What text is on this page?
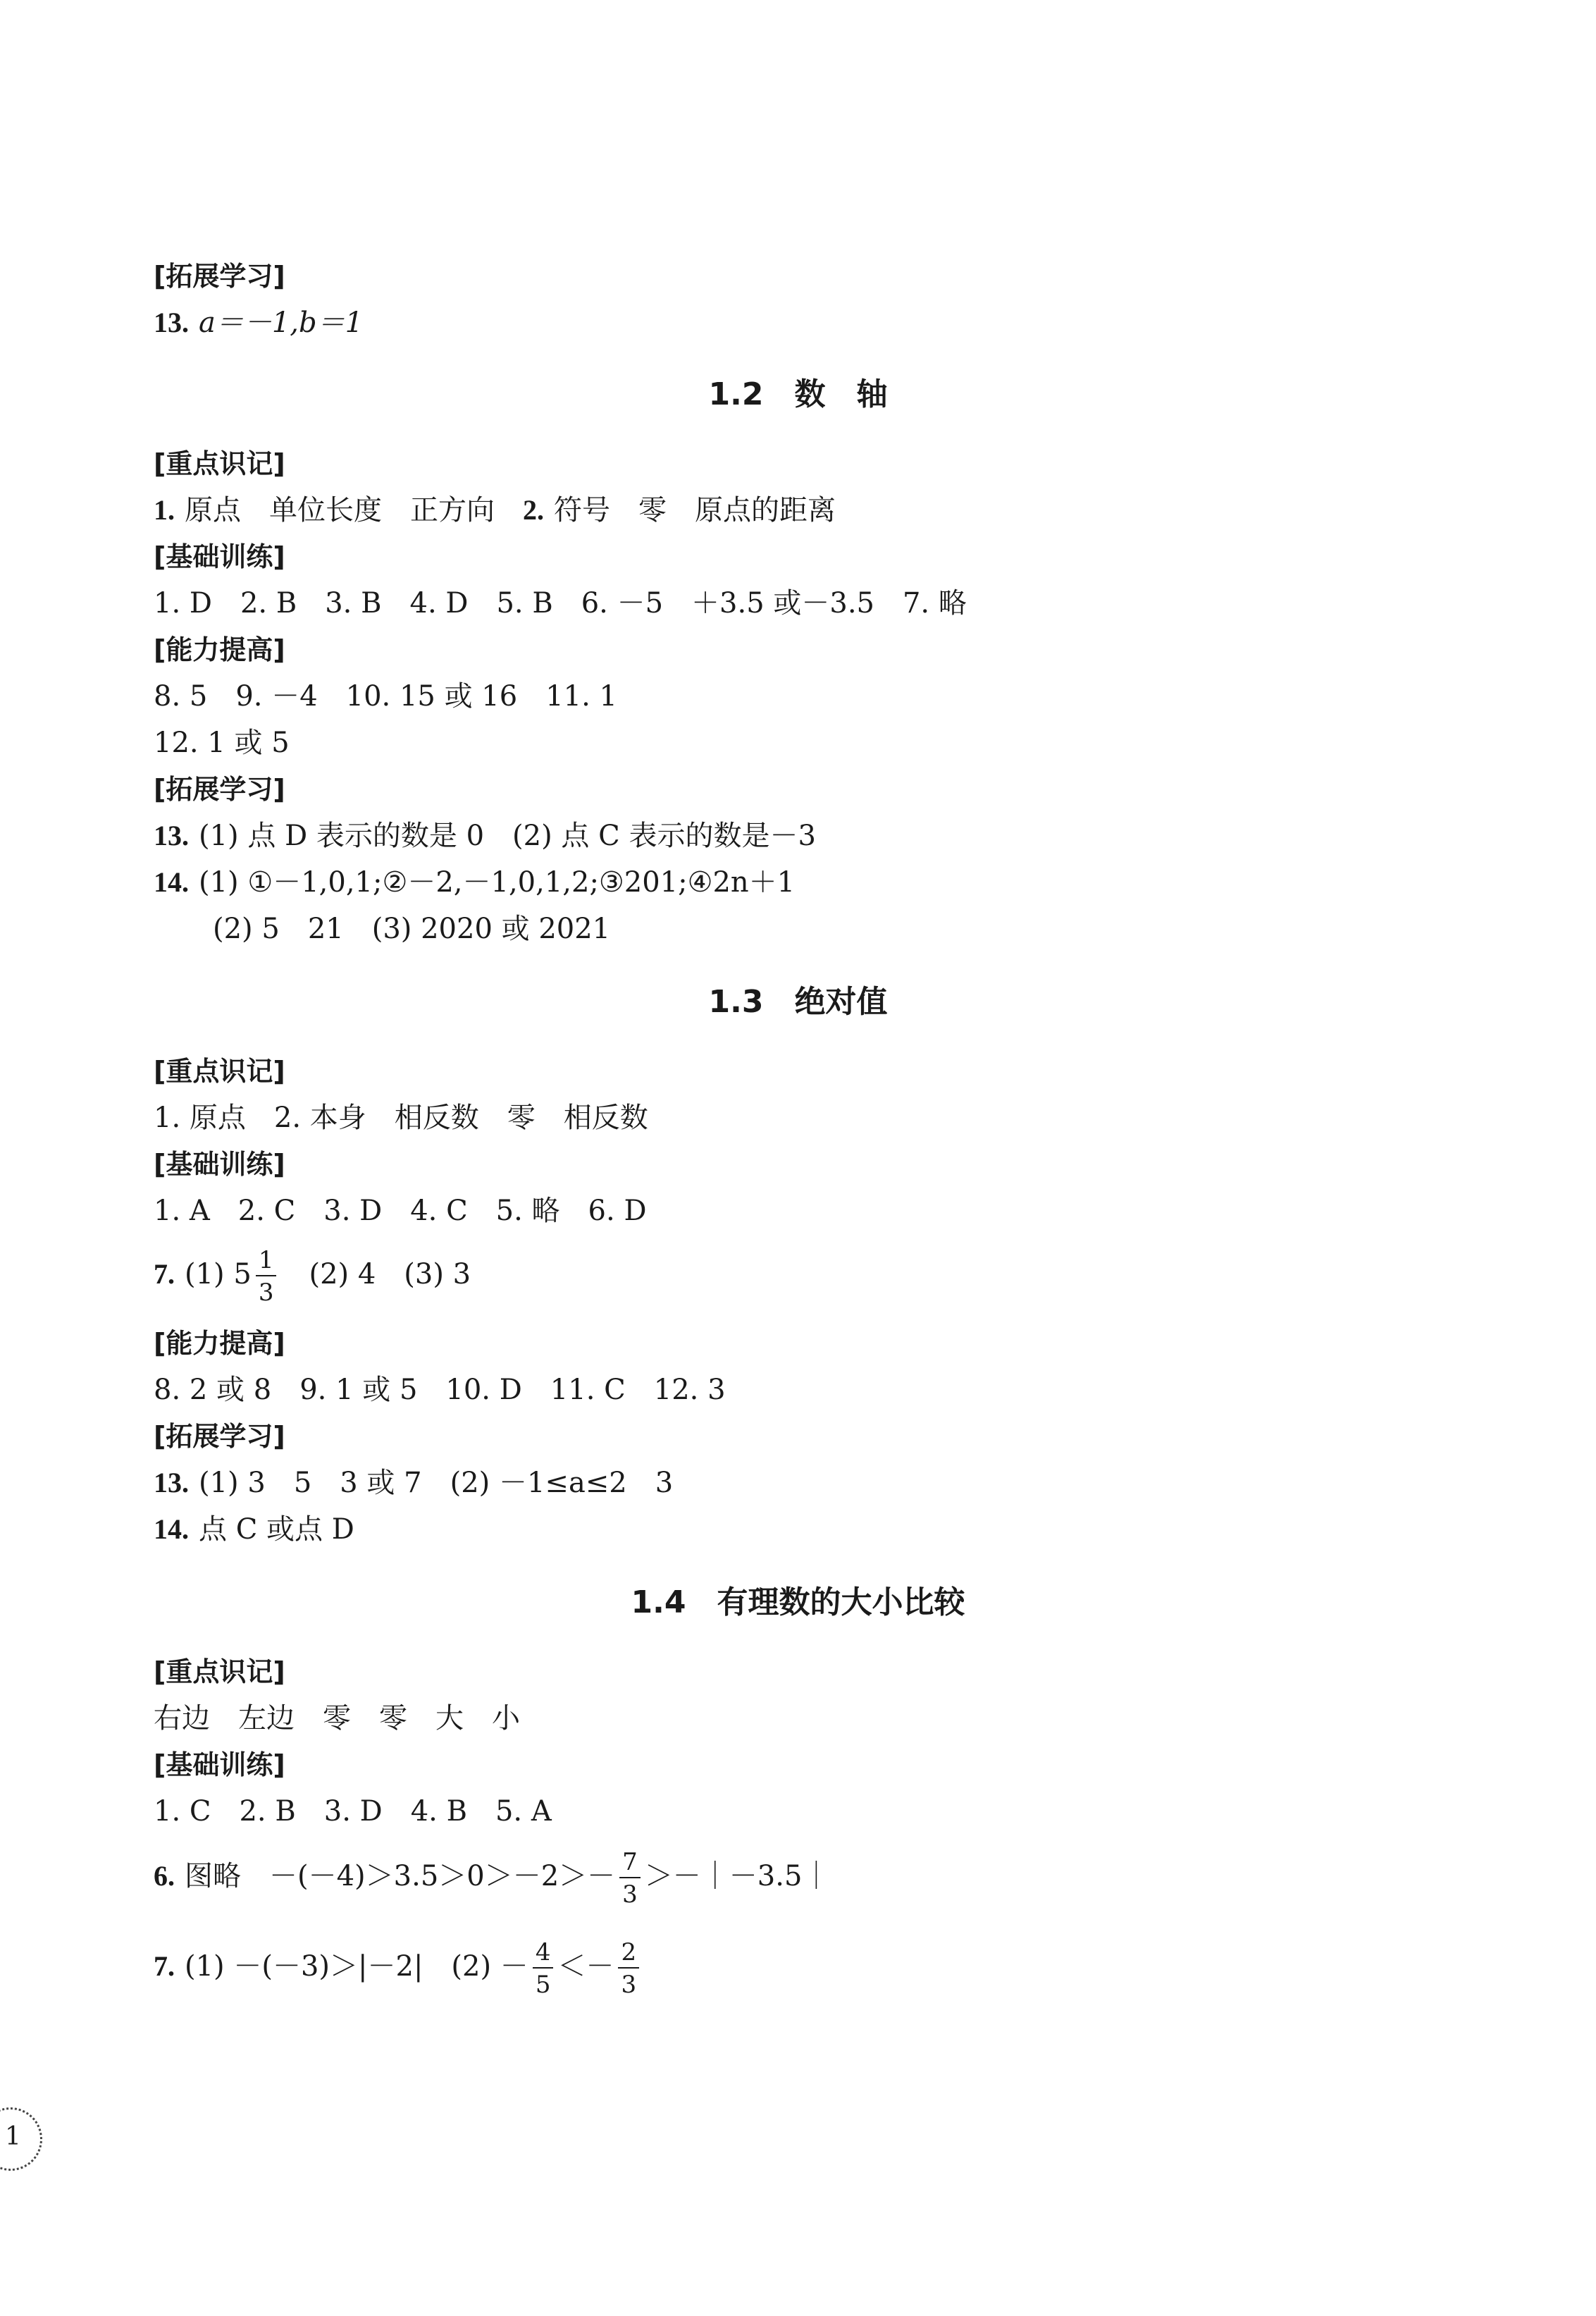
[拓展学习]
13. a＝－1,b＝1
1.2　数　轴
[重点识记]
1. 原点　单位长度　正方向 2. 符号　零　原点的距离
[基础训练]
1. D　2. B　3. B　4. D　5. B　6. －5　＋3.5 或－3.5　7. 略
[能力提高]
8. 5　9. －4　10. 15 或 16　11. 1
12. 1 或 5
[拓展学习]
13. (1) 点 D 表示的数是 0　(2) 点 C 表示的数是－3
14. (1) ①－1,0,1;②－2,－1,0,1,2;③201;④2n＋1
(2) 5　21　(3) 2020 或 2021
1.3　绝对值
[重点识记]
1. 原点　2. 本身　相反数　零　相反数
[基础训练]
1. A　2. C　3. D　4. C　5. 略　6. D
7. (1) $5 \frac{1}{3} (2)$ 4　(3) 3
[能力提高]
8. 2 或 8　9. 1 或 5　10. D　11. C　12. 3
[拓展学习]
13. (1) 3　5　3 或 7　(2) －1≤a≤2　3
14. 点 C 或点 D
1.4　有理数的大小比较
[重点识记]
右边　左边　零　零　大　小
[基础训练]
1. C　2. B　3. D　4. B　5. A
6. 图略　$-(-4)>3.5>0>-2>- \frac{7}{3}$ ＞－｜－3.5｜
7. (1) －(－3)＞|－2|　$(2) - \frac{4}{5} <- \frac{2}{3}$
1
